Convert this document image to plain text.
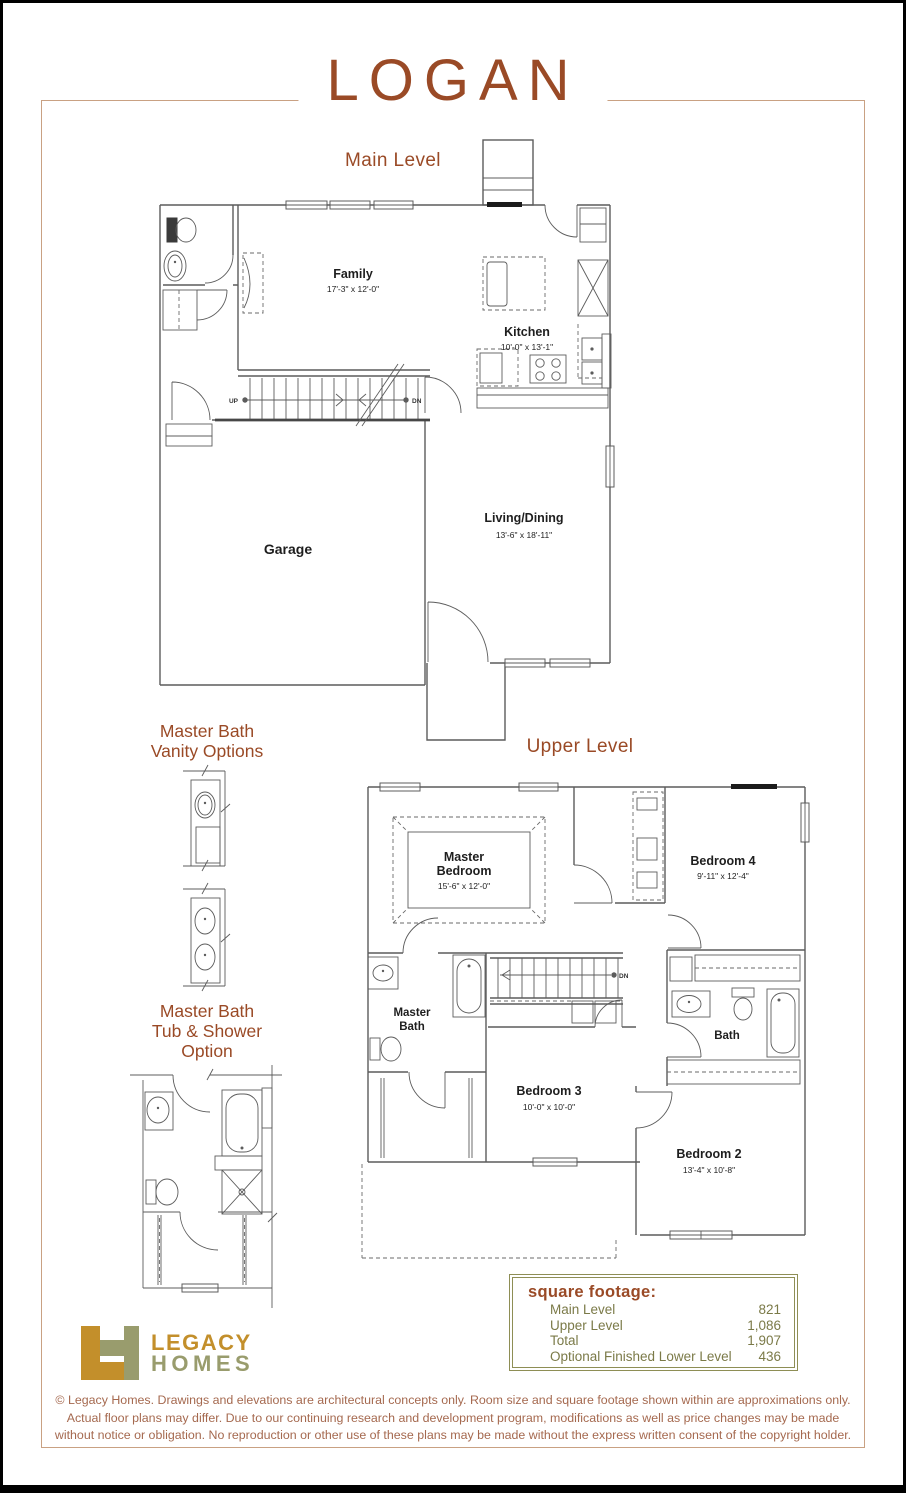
LOGAN
Main Level
Upper Level
Master Bath
Vanity Options
Master Bath
Tub & Shower
Option
UP	DN
Family
17'-3" x 12'-0"
Kitchen
10'-0" x 13'-1"
Living/Dining
13'-6" x 18'-11"
Garage
DN
Master
Bedroom
15'-6" x 12'-0"
Bedroom 4
9'-11" x 12'-4"
Master
Bath
Bath
Bedroom 3
10'-0" x 10'-0"
Bedroom 2
13'-4" x 10'-8"
square footage:
Main Level	821
Upper Level	1,086
Total	1,907
Optional Finished Lower Level 436
LEGACY
HOMES
© Legacy Homes. Drawings and elevations are architectural concepts only. Room size and square footage shown within are approximations only.
Actual floor plans may differ. Due to our continuing research and development program, modifications as well as price changes may be made
without notice or obligation. No reproduction or other use of these plans may be made without the express written consent of the copyright holder.
